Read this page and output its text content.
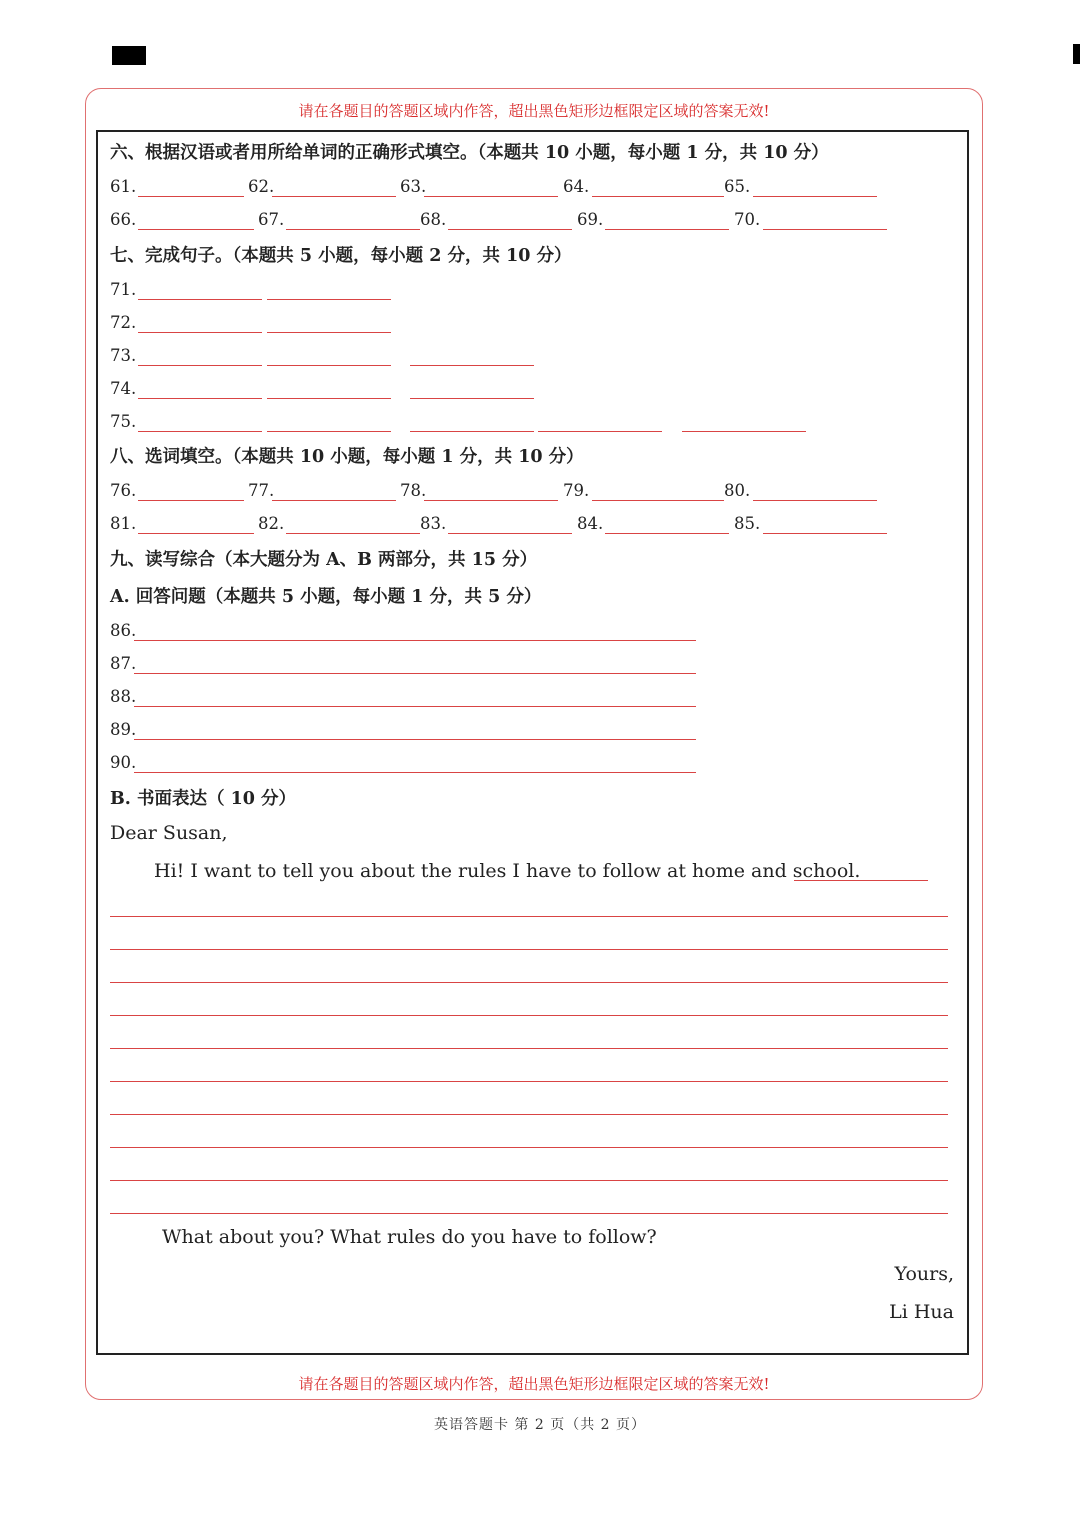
请在各题目的答题区域内作答，超出黑色矩形边框限定区域的答案无效!
六、根据汉语或者用所给单词的正确形式填空。（本题共 10 小题，每小题 1 分，共 10 分）
61.	62.	63.	64.	65.
66.	67.	68.	69.	70.
七、完成句子。（本题共 5 小题，每小题 2 分，共 10 分）
71.
72.
73.
74.
75.
八、选词填空。（本题共 10 小题，每小题 1 分，共 10 分）
76.	77.	78.	79.	80.
81.	82.	83.	84.	85.
九、读写综合（本大题分为 A、B 两部分，共 15 分）
A. 回答问题（本题共 5 小题，每小题 1 分，共 5 分）
86.
87.
88.
89.
90.
B. 书面表达（ 10 分）
Dear Susan,
Hi! I want to tell you about the rules I have to follow at home and school.
What about you? What rules do you have to follow?
Yours,
Li Hua
请在各题目的答题区域内作答，超出黑色矩形边框限定区域的答案无效!
英语答题卡 第 2 页（共 2 页）
